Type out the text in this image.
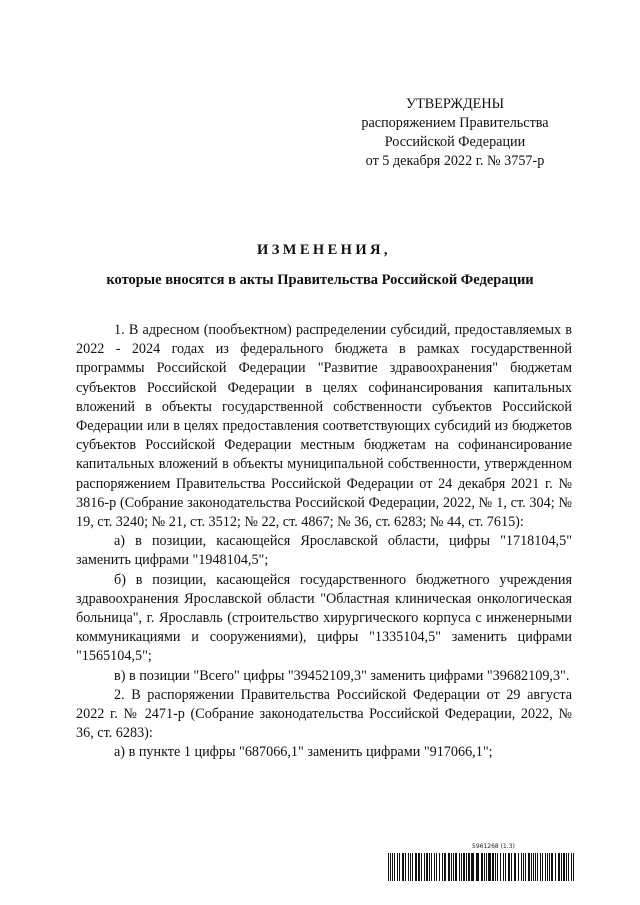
УТВЕРЖДЕНЫ
распоряжением Правительства
Российской Федерации
от 5 декабря 2022 г. № 3757-р
ИЗМЕНЕНИЯ,
которые вносятся в акты Правительства Российской Федерации

1. В адресном (пообъектном) распределении субсидий, предоставляемых в 2022 - 2024 годах из федерального бюджета в рамках государственной программы Российской Федерации "Развитие здравоохранения" бюджетам субъектов Российской Федерации в целях софинансирования капитальных вложений в объекты государственной собственности субъектов Российской Федерации или в целях предоставления соответствующих субсидий из бюджетов субъектов Российской Федерации местным бюджетам на софинансирование капитальных вложений в объекты муниципальной собственности, утвержденном распоряжением Правительства Российской Федерации от 24 декабря 2021 г. № 3816-р (Собрание законодательства Российской Федерации, 2022, № 1, ст. 304; № 19, ст. 3240; № 21, ст. 3512; № 22, ст. 4867; № 36, ст. 6283; № 44, ст. 7615):

а) в позиции, касающейся Ярославской области, цифры "1718104,5" заменить цифрами "1948104,5";

б) в позиции, касающейся государственного бюджетного учреждения здравоохранения Ярославской области "Областная клиническая онкологическая больница", г. Ярославль (строительство хирургического корпуса с инженерными коммуникациями и сооружениями), цифры "1335104,5" заменить цифрами "1565104,5";

в) в позиции "Всего" цифры "39452109,3" заменить цифрами "39682109,3".

2. В распоряжении Правительства Российской Федерации от 29 августа 2022 г. № 2471-р (Собрание законодательства Российской Федерации, 2022, № 36, ст. 6283):

а) в пункте 1 цифры "687066,1" заменить цифрами "917066,1";

5961268 (1.3)
